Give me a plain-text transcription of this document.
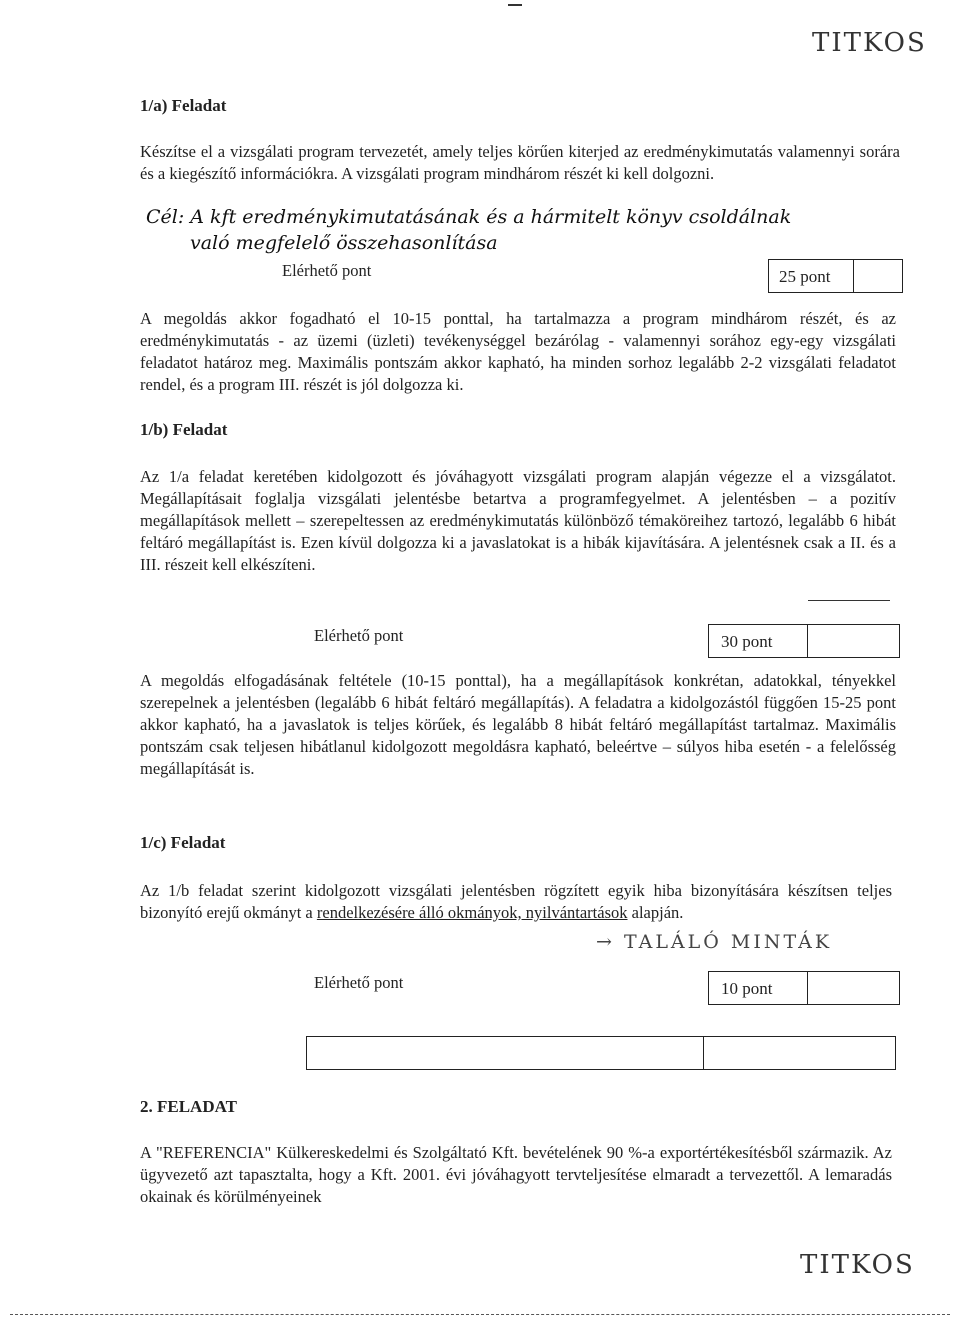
TITKOS
1/a) Feladat
Készítse el a vizsgálati program tervezetét, amely teljes körűen kiterjed az eredménykimutatás valamennyi sorára és a kiegészítő információkra. A vizsgálati program mindhárom részét ki kell dolgozni.
Cél: A kft eredménykimutatásának és a hármitelt könyv csoldálnak
való megfelelő összehasonlítása
Elérhető pont	25 pont
A megoldás akkor fogadható el 10-15 ponttal, ha tartalmazza a program mindhárom részét, és az eredménykimutatás - az üzemi (üzleti) tevékenységgel bezárólag - valamennyi sorához egy-egy vizsgálati feladatot határoz meg. Maximális pontszám akkor kapható, ha minden sorhoz legalább 2-2 vizsgálati feladatot rendel, és a program III. részét is jól dolgozza ki.
1/b) Feladat
Az 1/a feladat keretében kidolgozott és jóváhagyott vizsgálati program alapján végezze el a vizsgálatot. Megállapításait foglalja vizsgálati jelentésbe betartva a programfegyelmet. A jelentésben – a pozitív megállapítások mellett – szerepeltessen az eredménykimutatás különböző témaköreihez tartozó, legalább 6 hibát feltáró megállapítást is. Ezen kívül dolgozza ki a javaslatokat is a hibák kijavítására. A jelentésnek csak a II. és a III. részeit kell elkészíteni.
Elérhető pont	30 pont
A megoldás elfogadásának feltétele (10-15 ponttal), ha a megállapítások konkrétan, adatokkal, tényekkel szerepelnek a jelentésben (legalább 6 hibát feltáró megállapítás). A feladatra a kidolgozástól függően 15-25 pont akkor kapható, ha a javaslatok is teljes körűek, és legalább 8 hibát feltáró megállapítást tartalmaz. Maximális pontszám csak teljesen hibátlanul kidolgozott megoldásra kapható, beleértve – súlyos hiba esetén - a felelősség megállapítását is.
1/c) Feladat
Az 1/b feladat szerint kidolgozott vizsgálati jelentésben rögzített egyik hiba bizonyítására készítsen teljes bizonyító erejű okmányt a rendelkezésére álló okmányok, nyilvántartások alapján.
→ TALÁLÓ MINTÁK
Elérhető pont	10 pont
2. FELADAT
A "REFERENCIA" Külkereskedelmi és Szolgáltató Kft. bevételének 90 %-a exportértékesítésből származik. Az ügyvezető azt tapasztalta, hogy a Kft. 2001. évi jóváhagyott tervteljesítése elmaradt a tervezettől. A lemaradás okainak és körülményeinek
TITKOS
